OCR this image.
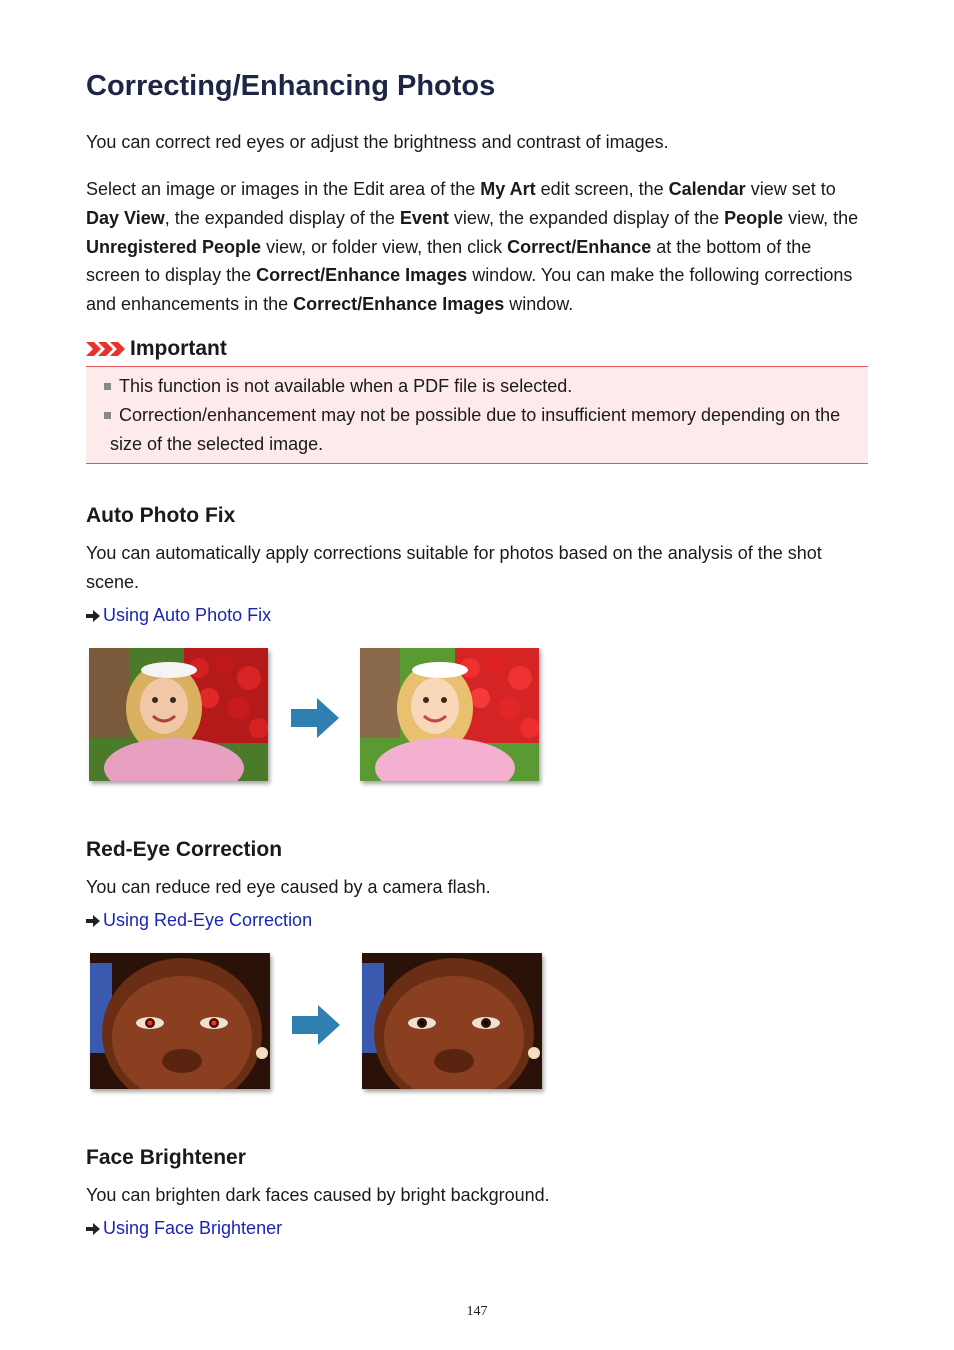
Correcting/Enhancing Photos

You can correct red eyes or adjust the brightness and contrast of images.

Select an image or images in the Edit area of the My Art edit screen, the Calendar view set to Day View, the expanded display of the Event view, the expanded display of the People view, the Unregistered People view, or folder view, then click Correct/Enhance at the bottom of the screen to display the Correct/Enhance Images window. You can make the following corrections and enhancements in the Correct/Enhance Images window.

Important
This function is not available when a PDF file is selected.
Correction/enhancement may not be possible due to insufficient memory depending on the size of the selected image.
Auto Photo Fix

You can automatically apply corrections suitable for photos based on the analysis of the shot scene.

Using Auto Photo Fix
Red-Eye Correction

You can reduce red eye caused by a camera flash.

Using Red-Eye Correction
Face Brightener

You can brighten dark faces caused by bright background.

Using Face Brightener
147
